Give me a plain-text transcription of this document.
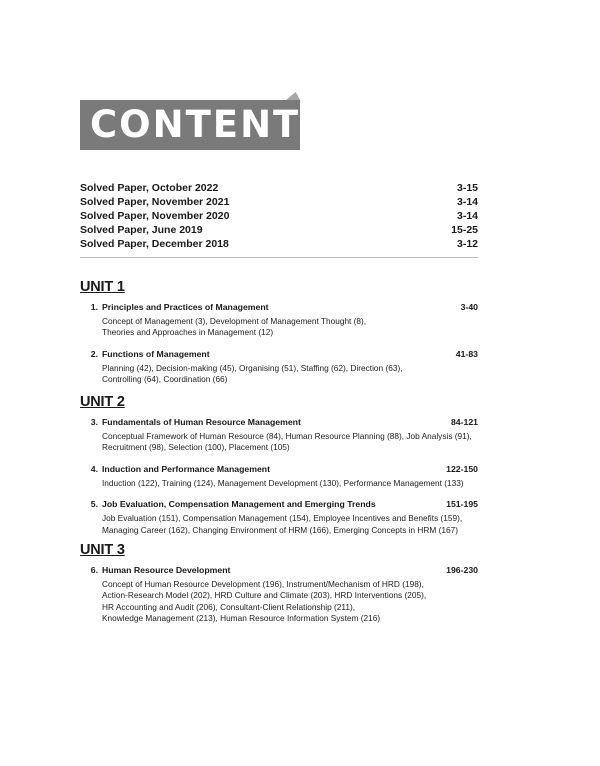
CONTENTS
Solved Paper, October 2022	3-15
Solved Paper, November 2021	3-14
Solved Paper, November 2020	3-14
Solved Paper, June 2019	15-25
Solved Paper, December 2018	3-12
UNIT 1
1. Principles and Practices of Management	3-40
Concept of Management (3), Development of Management Thought (8),
Theories and Approaches in Management (12)
2. Functions of Management	41-83
Planning (42), Decision-making (45), Organising (51), Staffing (62), Direction (63),
Controlling (64), Coordination (66)
UNIT 2
3. Fundamentals of Human Resource Management	84-121
Conceptual Framework of Human Resource (84), Human Resource Planning (88), Job Analysis (91),
Recruitment (98), Selection (100), Placement (105)
4. Induction and Performance Management	122-150
Induction (122), Training (124), Management Development (130), Performance Management (133)
5. Job Evaluation, Compensation Management and Emerging Trends	151-195
Job Evaluation (151), Compensation Management (154), Employee Incentives and Benefits (159),
Managing Career (162), Changing Environment of HRM (166), Emerging Concepts in HRM (167)
UNIT 3
6. Human Resource Development	196-230
Concept of Human Resource Development (196), Instrument/Mechanism of HRD (198),
Action-Research Model (202), HRD Culture and Climate (203), HRD Interventions (205),
HR Accounting and Audit (206), Consultant-Client Relationship (211),
Knowledge Management (213), Human Resource Information System (216)
